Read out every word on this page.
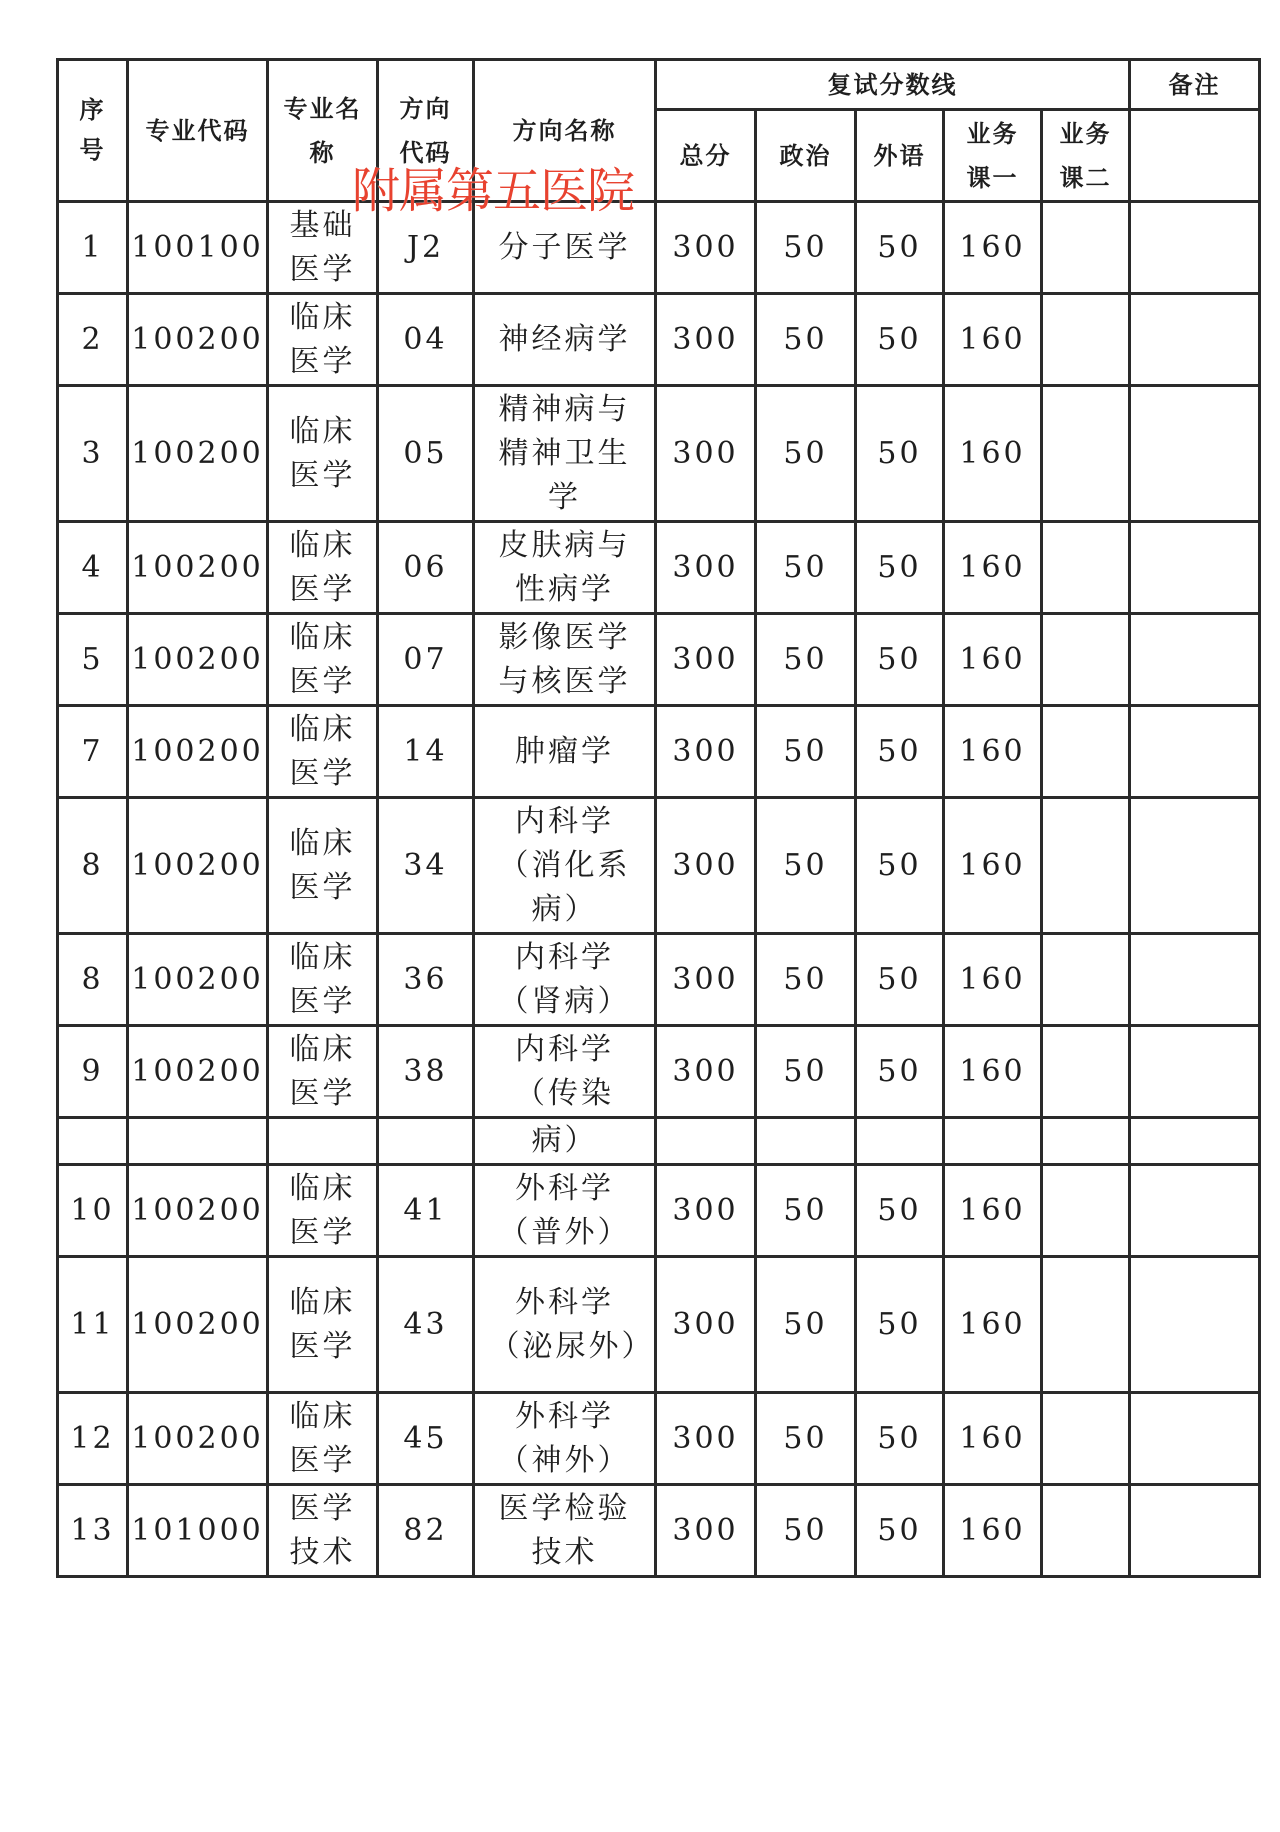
序号	专业代码	专业名称	方向代码	方向名称	复试分数线					备注
					总分	政治	外语	业务课一	业务课二	
1	100100	基础医学	J2	分子医学	300	50	50	160		
2	100200	临床医学	04	神经病学	300	50	50	160		
3	100200	临床医学	05	精神病与精神卫生学	300	50	50	160		
4	100200	临床医学	06	皮肤病与性病学	300	50	50	160		
5	100200	临床医学	07	影像医学与核医学	300	50	50	160		
7	100200	临床医学	14	肿瘤学	300	50	50	160		
8	100200	临床医学	34	内科学（消化系病）	300	50	50	160		
8	100200	临床医学	36	内科学（肾病）	300	50	50	160		
9	100200	临床医学	38	内科学（传染	300	50	50	160		
				病）						
10	100200	临床医学	41	外科学（普外）	300	50	50	160		
11	100200	临床医学	43	外科学（泌尿外）	300	50	50	160		
12	100200	临床医学	45	外科学（神外）	300	50	50	160		
13	101000	医学技术	82	医学检验技术	300	50	50	160		
附属第五医院
